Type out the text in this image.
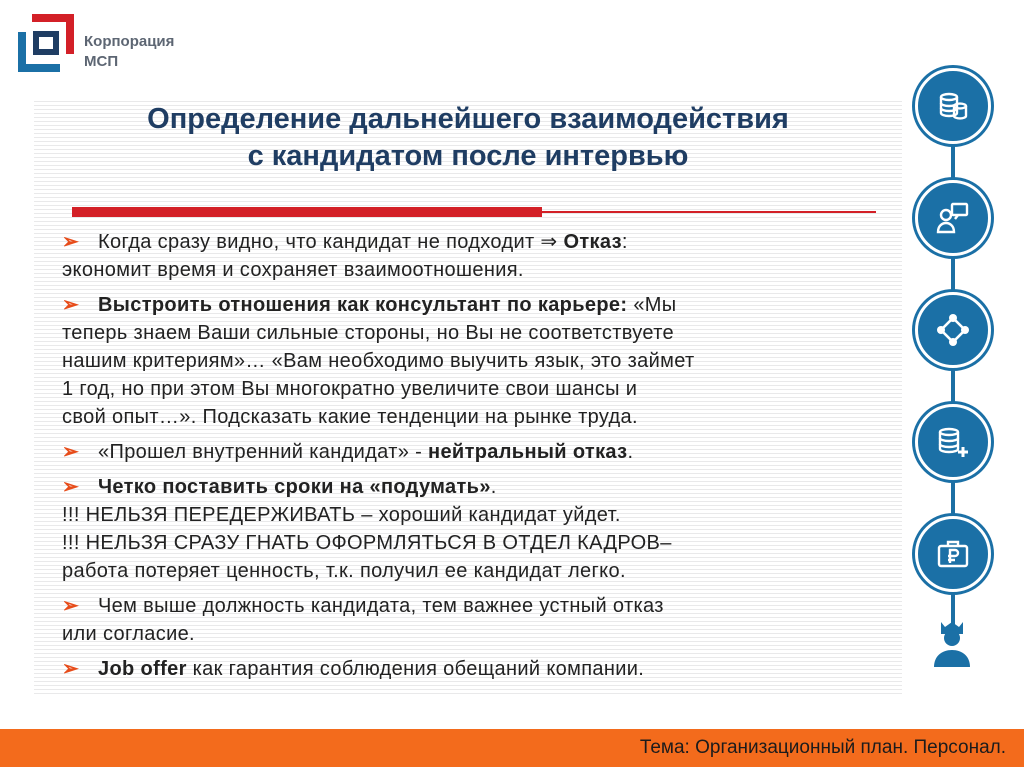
Корпорация
МСП
Определение дальнейшего взаимодействия
с кандидатом после интервью
➢ Когда сразу видно, что кандидат не подходит ⇒ Отказ:
экономит время и сохраняет взаимоотношения.
➢ Выстроить отношения как консультант по карьере: «Мы
теперь знаем Ваши сильные стороны, но Вы не соответствуете
нашим критериям»… «Вам необходимо выучить язык, это займет
1 год, но при этом Вы многократно увеличите свои шансы и
свой опыт…». Подсказать какие тенденции на рынке труда.
➢ «Прошел внутренний кандидат» - нейтральный отказ.
➢ Четко поставить сроки на «подумать».
!!! НЕЛЬЗЯ ПЕРЕДЕРЖИВАТЬ – хороший кандидат уйдет.
!!! НЕЛЬЗЯ СРАЗУ ГНАТЬ ОФОРМЛЯТЬСЯ В ОТДЕЛ КАДРОВ–
работа потеряет ценность, т.к. получил ее кандидат легко.
➢ Чем выше должность кандидата, тем важнее устный отказ
или согласие.
➢ Job offer как гарантия соблюдения обещаний компании.
Тема: Организационный план. Персонал.
